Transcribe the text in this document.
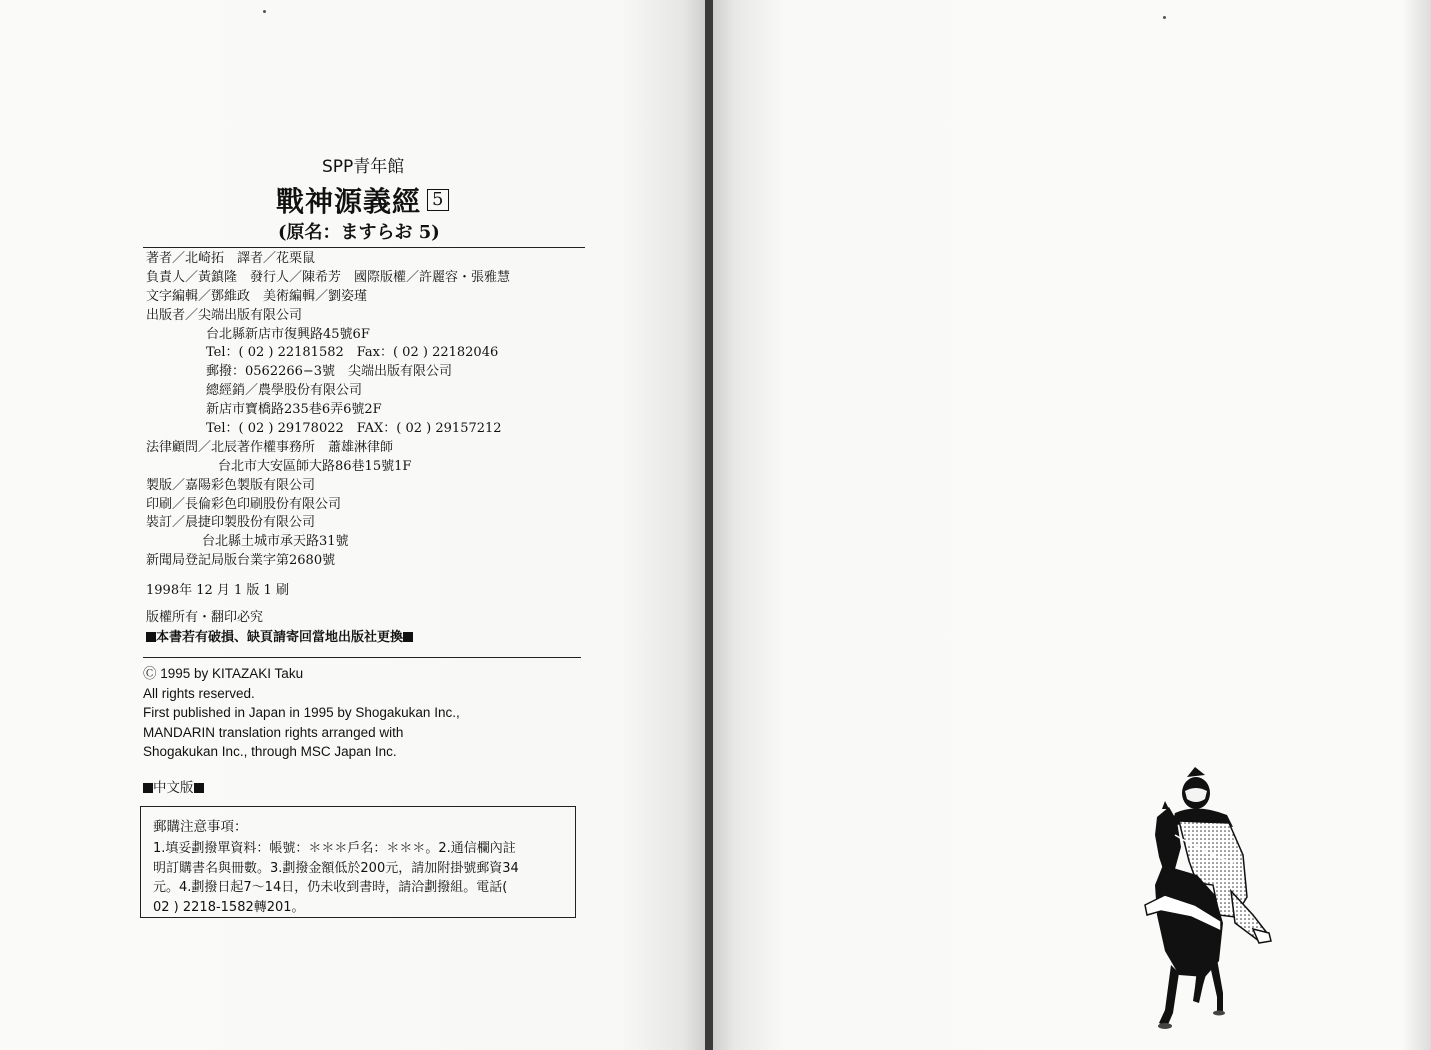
SPP青年館
戰神源義經 5
(原名：ますらお 5)
著者／北崎拓　譯者／花栗鼠
負責人／黃鎮隆　發行人／陳希芳　國際版權／許麗容・張雅慧
文字編輯／鄧維政　美術編輯／劉姿瑾
出版者／尖端出版有限公司
台北縣新店市復興路45號6F
Tel：( 02 ) 22181582　Fax：( 02 ) 22182046
郵撥：0562266−3號　尖端出版有限公司
總經銷／農學股份有限公司
新店市寶橋路235巷6弄6號2F
Tel：( 02 ) 29178022　FAX：( 02 ) 29157212
法律顧問／北辰著作權事務所　蕭雄淋律師
台北市大安區師大路86巷15號1F
製版／嘉陽彩色製版有限公司
印刷／長倫彩色印刷股份有限公司
裝訂／晨捷印製股份有限公司
台北縣土城市承天路31號
新聞局登記局版台業字第2680號
1998年 12 月 1 版 1 刷
版權所有・翻印必究
本書若有破損、缺頁請寄回當地出版社更換
Ⓒ 1995 by KITAZAKI Taku
All rights reserved.
First published in Japan in 1995 by Shogakukan Inc.,
MANDARIN translation rights arranged with
Shogakukan Inc., through MSC Japan Inc.
中文版
郵購注意事項：
1.填妥劃撥單資料：帳號：＊＊＊戶名：＊＊＊。2.通信欄內註
明訂購書名與冊數。3.劃撥金額低於200元，請加附掛號郵資34
元。4.劃撥日起7〜14日，仍未收到書時，請洽劃撥組。電話(
02 ) 2218-1582轉201。
